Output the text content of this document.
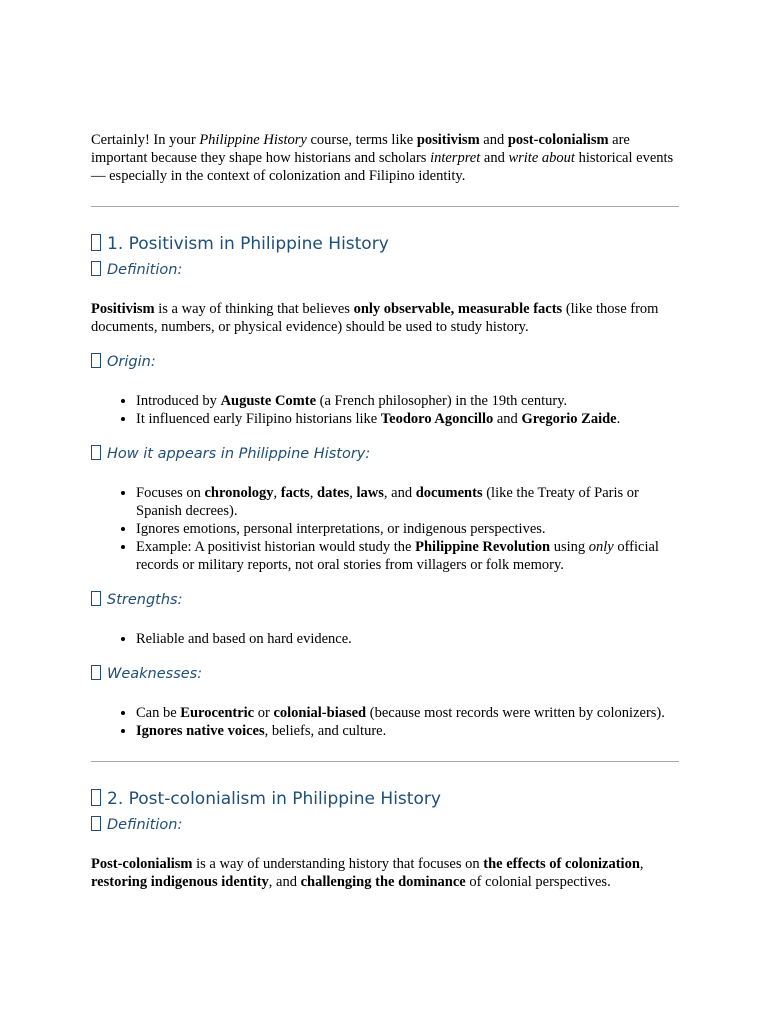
Certainly! In your Philippine History course, terms like positivism and post-colonialism are important because they shape how historians and scholars interpret and write about historical events — especially in the context of colonization and Filipino identity.

1. Positivism in Philippine History
Definition:

Positivism is a way of thinking that believes only observable, measurable facts (like those from documents, numbers, or physical evidence) should be used to study history.

Origin:
• Introduced by Auguste Comte (a French philosopher) in the 19th century.
• It influenced early Filipino historians like Teodoro Agoncillo and Gregorio Zaide.
How it appears in Philippine History:
• Focuses on chronology, facts, dates, laws, and documents (like the Treaty of Paris or Spanish decrees).
• Ignores emotions, personal interpretations, or indigenous perspectives.
• Example: A positivist historian would study the Philippine Revolution using only official records or military reports, not oral stories from villagers or folk memory.
Strengths:
• Reliable and based on hard evidence.
Weaknesses:
• Can be Eurocentric or colonial-biased (because most records were written by colonizers).
• Ignores native voices, beliefs, and culture.
2. Post-colonialism in Philippine History
Definition:

Post-colonialism is a way of understanding history that focuses on the effects of colonization, restoring indigenous identity, and challenging the dominance of colonial perspectives.
